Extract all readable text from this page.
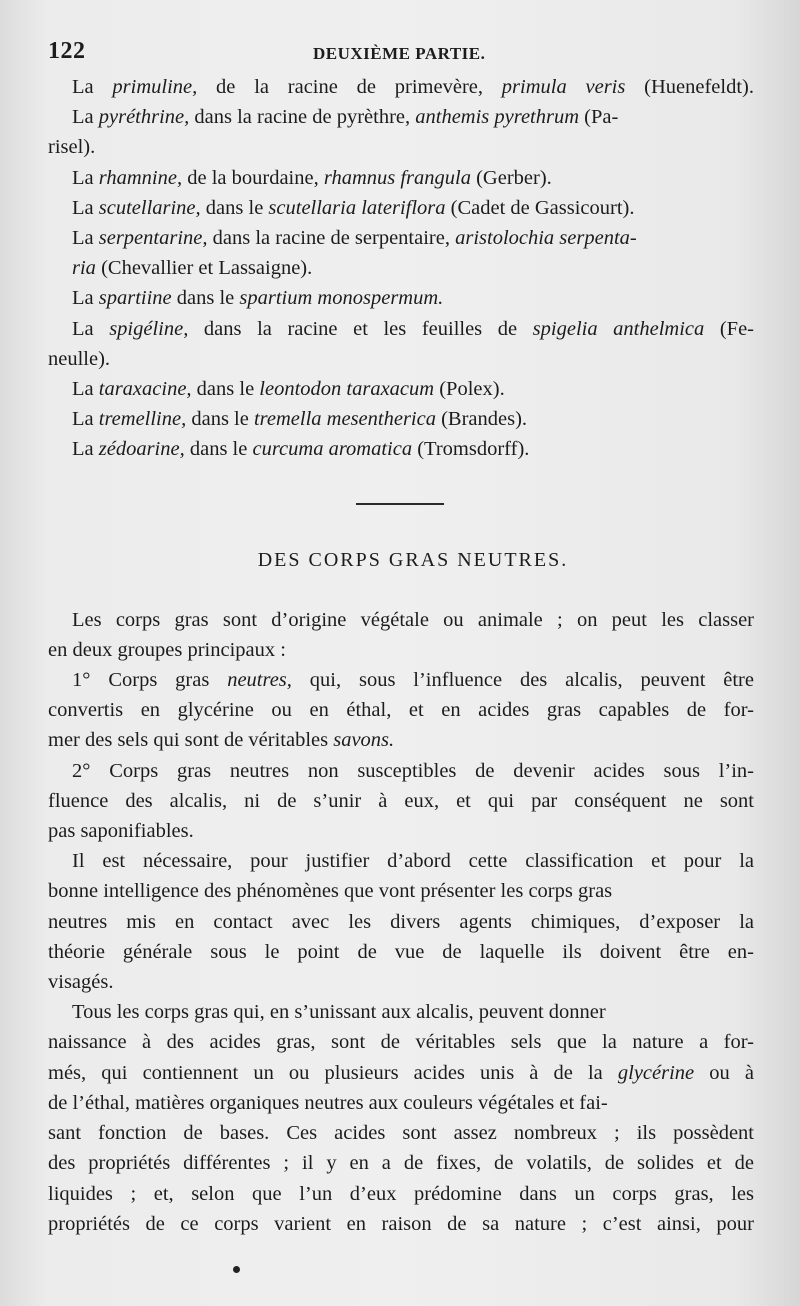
122	DEUXIÈME PARTIE.
La primuline, de la racine de primevère, primula veris (Huenefeldt).
La pyréthrine, dans la racine de pyrèthre, anthemis pyrethrum (Pa-
risel).
La rhamnine, de la bourdaine, rhamnus frangula (Gerber).
La scutellarine, dans le scutellaria lateriflora (Cadet de Gassicourt).
La serpentarine, dans la racine de serpentaire, aristolochia serpenta-
ria (Chevallier et Lassaigne).
La spartiine dans le spartium monospermum.
La spigéline, dans la racine et les feuilles de spigelia anthelmica (Fe-
neulle).
La taraxacine, dans le leontodon taraxacum (Polex).
La tremelline, dans le tremella mesentherica (Brandes).
La zédoarine, dans le curcuma aromatica (Tromsdorff).
DES CORPS GRAS NEUTRES.
Les corps gras sont d’origine végétale ou animale ; on peut les classer
en deux groupes principaux :
1° Corps gras neutres, qui, sous l’influence des alcalis, peuvent être
convertis en glycérine ou en éthal, et en acides gras capables de for-
mer des sels qui sont de véritables savons.
2° Corps gras neutres non susceptibles de devenir acides sous l’in-
fluence des alcalis, ni de s’unir à eux, et qui par conséquent ne sont
pas saponifiables.
Il est nécessaire, pour justifier d’abord cette classification et pour la
bonne intelligence des phénomènes que vont présenter les corps gras
neutres mis en contact avec les divers agents chimiques, d’exposer la
théorie générale sous le point de vue de laquelle ils doivent être en-
visagés.
Tous les corps gras qui, en s’unissant aux alcalis, peuvent donner
naissance à des acides gras, sont de véritables sels que la nature a for-
més, qui contiennent un ou plusieurs acides unis à de la glycérine ou à
de l’éthal, matières organiques neutres aux couleurs végétales et fai-
sant fonction de bases. Ces acides sont assez nombreux ; ils possèdent
des propriétés différentes ; il y en a de fixes, de volatils, de solides et de
liquides ; et, selon que l’un d’eux prédomine dans un corps gras, les
propriétés de ce corps varient en raison de sa nature ; c’est ainsi, pour
